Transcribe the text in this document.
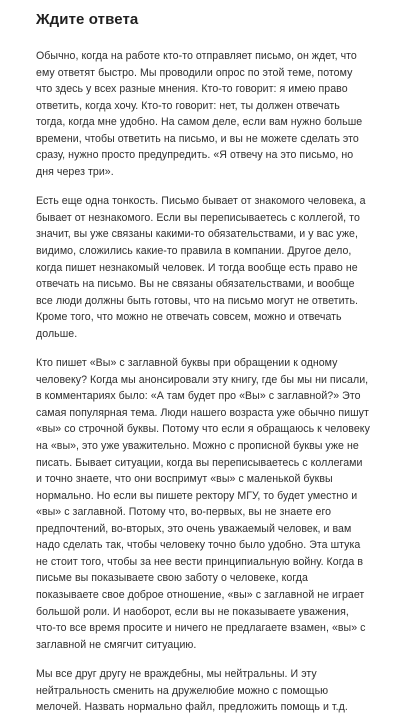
Ждите ответа

Обычно, когда на работе кто-то отправляет письмо, он ждет, что ему ответят быстро. Мы проводили опрос по этой теме, потому что здесь у всех разные мнения. Кто-то говорит: я имею право ответить, когда хочу. Кто-то говорит: нет, ты должен отвечать тогда, когда мне удобно. На самом деле, если вам нужно больше времени, чтобы ответить на письмо, и вы не можете сделать это сразу, нужно просто предупредить. «Я отвечу на это письмо, но дня через три».

Есть еще одна тонкость. Письмо бывает от знакомого человека, а бывает от незнакомого. Если вы переписываетесь с коллегой, то значит, вы уже связаны какими-то обязательствами, и у вас уже, видимо, сложились какие-то правила в компании. Другое дело, когда пишет незнакомый человек. И тогда вообще есть право не отвечать на письмо. Вы не связаны обязательствами, и вообще все люди должны быть готовы, что на письмо могут не ответить. Кроме того, что можно не отвечать совсем, можно и отвечать дольше.

Кто пишет «Вы» с заглавной буквы при обращении к одному человеку? Когда мы анонсировали эту книгу, где бы мы ни писали, в комментариях было: «А там будет про «Вы» с заглавной?» Это самая популярная тема. Люди нашего возраста уже обычно пишут «вы» со строчной буквы. Потому что если я обращаюсь к человеку на «вы», это уже уважительно. Можно с прописной буквы уже не писать. Бывает ситуации, когда вы переписываетесь с коллегами и точно знаете, что они воспримут «вы» с маленькой буквы нормально. Но если вы пишете ректору МГУ, то будет уместно и «вы» с заглавной. Потому что, во-первых, вы не знаете его предпочтений, во-вторых, это очень уважаемый человек, и вам надо сделать так, чтобы человеку точно было удобно. Эта штука не стоит того, чтобы за нее вести принципиальную войну. Когда в письме вы показываете свою заботу о человеке, когда показываете свое доброе отношение, «вы» с заглавной не играет большой роли. И наоборот, если вы не показываете уважения, что-то все время просите и ничего не предлагаете взамен, «вы» с заглавной не смягчит ситуацию.

Мы все друг другу не враждебны, мы нейтральны. И эту нейтральность сменить на дружелюбие можно с помощью мелочей. Назвать нормально файл, предложить помощь и т.д.
